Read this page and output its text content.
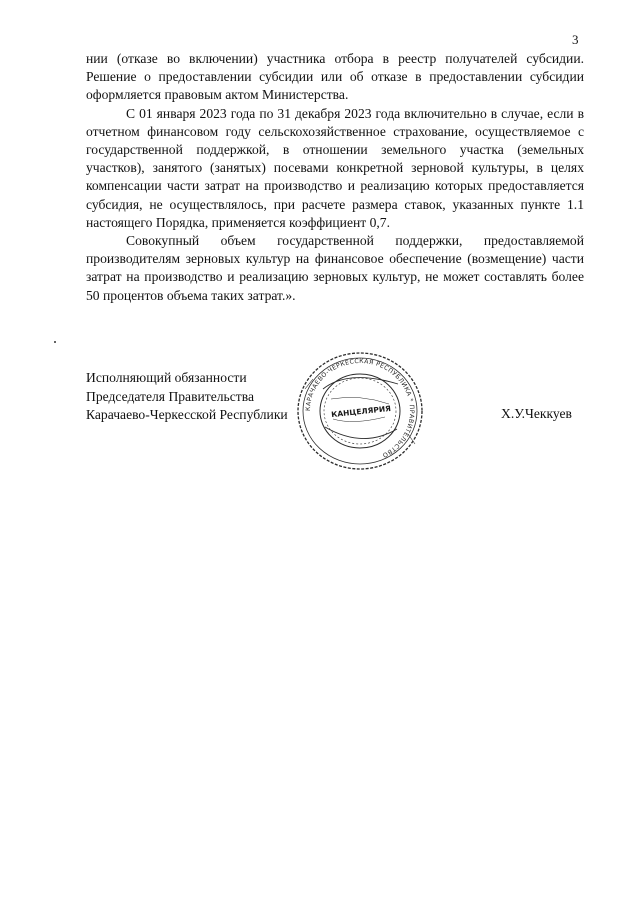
3

нии (отказе во включении) участника отбора в реестр получателей субсидии. Решение о предоставлении субсидии или об отказе в предоставлении субсидии оформляется правовым актом Министерства.

С 01 января 2023 года по 31 декабря 2023 года включительно в случае, если в отчетном финансовом году сельскохозяйственное страхование, осуществляемое с государственной поддержкой, в отношении земельного участка (земельных участков), занятого (занятых) посевами конкретной зерновой культуры, в целях компенсации части затрат на производство и реализацию которых предоставляется субсидия, не осуществлялось, при расчете размера ставок, указанных пункте 1.1 настоящего Порядка, применяется коэффициент 0,7.

Совокупный объем государственной поддержки, предоставляемой производителям зерновых культур на финансовое обеспечение (возмещение) части затрат на производство и реализацию зерновых культур, не может составлять более 50 процентов объема таких затрат.».

Исполняющий обязанности
Председателя Правительства
Карачаево-Черкесской Республики	Х.У.Чеккуев
КАРАЧАЕВО-ЧЕРКЕССКАЯ РЕСПУБЛИКА * ПРАВИТЕЛЬСТВО
КАНЦЕЛЯРИЯ
